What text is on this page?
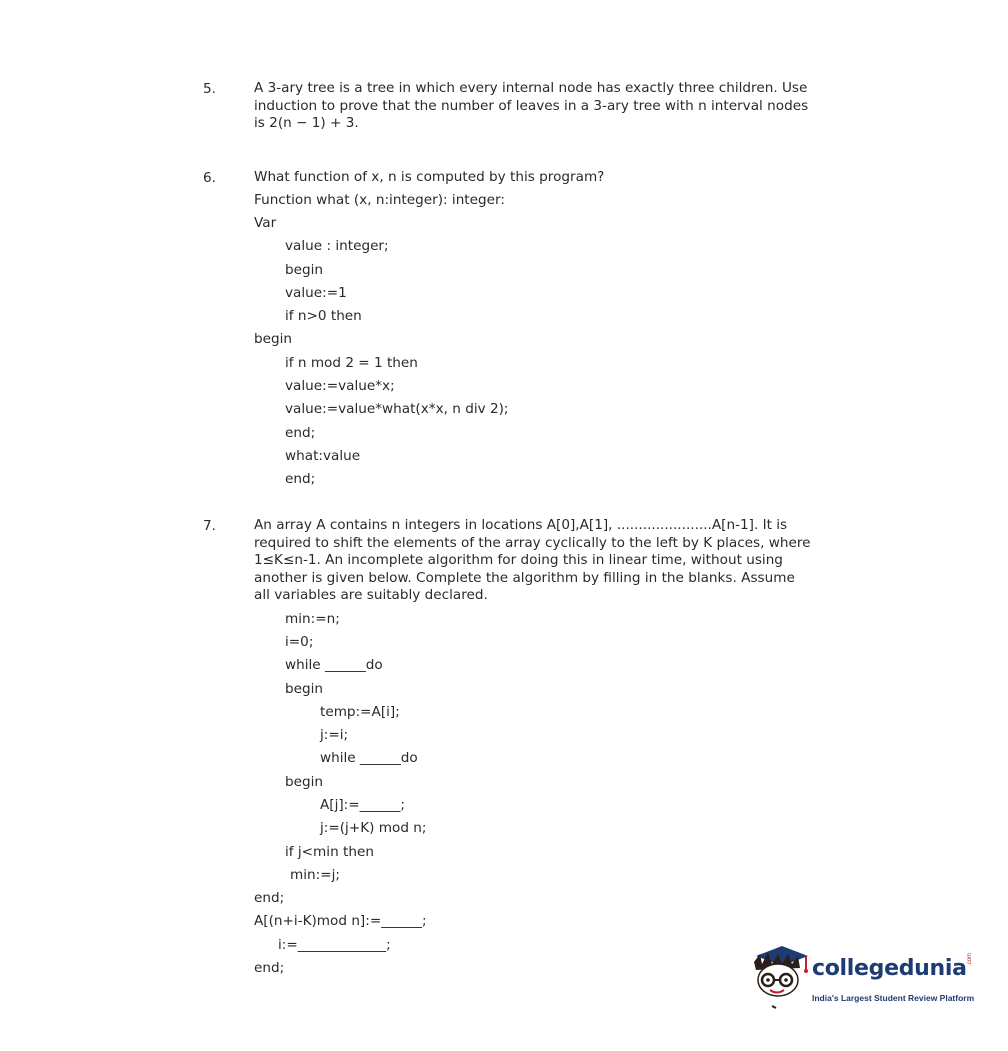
5.	A 3-ary tree is a tree in which every internal node has exactly three children. Use
induction to prove that the number of leaves in a 3-ary tree with n interval nodes
is 2(n − 1) + 3.
6.	What function of x, n is computed by this program?
Function what (x, n:integer): integer:
Var
value : integer;
begin
value:=1
if n>0 then
begin
if n mod 2 = 1 then
value:=value*x;
value:=value*what(x*x, n div 2);
end;
what:value
end;
7.	An array A contains n integers in locations A[0],A[1], ......................A[n-1]. It is
required to shift the elements of the array cyclically to the left by K places, where
1≤K≤n-1. An incomplete algorithm for doing this in linear time, without using
another is given below. Complete the algorithm by filling in the blanks. Assume
all variables are suitably declared.
min:=n;
i=0;
while ______do
begin
temp:=A[i];
j:=i;
while ______do
begin
A[j]:=______;
j:=(j+K) mod n;
if j<min then
min:=j;
end;
A[(n+i-K)mod n]:=______;
i:=_____________;
end;	collegedunia .com
India's Largest Student Review Platform
